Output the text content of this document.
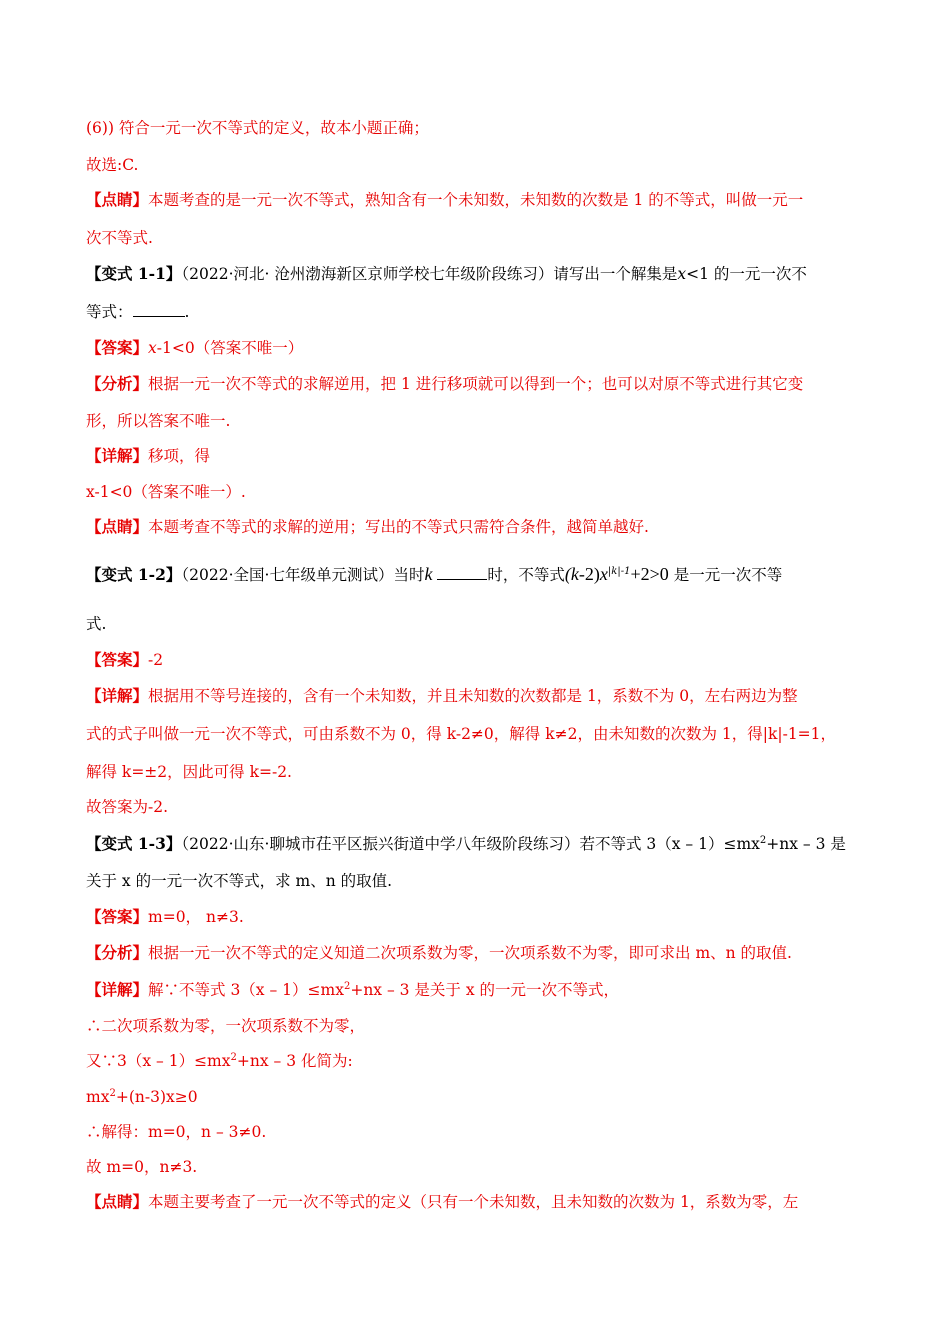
(6)) 符合一元一次不等式的定义，故本小题正确；
故选:C.
【点睛】本题考查的是一元一次不等式，熟知含有一个未知数，未知数的次数是 1 的不等式，叫做一元一
次不等式.
【变式 1-1】（2022·河北· 沧州渤海新区京师学校七年级阶段练习）请写出一个解集是x<1 的一元一次不
等式：	.
【答案】x-1<0（答案不唯一）
【分析】根据一元一次不等式的求解逆用，把 1 进行移项就可以得到一个；也可以对原不等式进行其它变
形，所以答案不唯一.
【详解】移项，得
x-1<0（答案不唯一）.
【点睛】本题考查不等式的求解的逆用；写出的不等式只需符合条件，越简单越好.
【变式 1-2】（2022·全国·七年级单元测试）当时k	时，不等式$(k-2)x^{|k|-1}+2>0$ 是一元一次不等
式.
【答案】-2
【详解】根据用不等号连接的，含有一个未知数，并且未知数的次数都是 1，系数不为 0，左右两边为整
式的式子叫做一元一次不等式，可由系数不为 0，得 k-2≠0，解得 k≠2，由未知数的次数为 1，得|k|-1=1，
解得 k=±2，因此可得 k=-2.
故答案为-2.
【变式 1-3】（2022·山东·聊城市茌平区振兴街道中学八年级阶段练习）若不等式 $3(x - 1)\le mx^2+nx - 3$ 是
关于 x 的一元一次不等式，求 m、n 的取值.
【答案】m=0， n≠3.
【分析】根据一元一次不等式的定义知道二次项系数为零，一次项系数不为零，即可求出 m、n 的取值.
【详解】解∵不等式 $3(x - 1)\le mx^2+nx - 3$ 是关于 x 的一元一次不等式，
∴二次项系数为零，一次项系数不为零，
又∵3（x – $1)\le mx^2+nx - 3$ 化简为:
$mx^2+(n-3)x\ge 0$
∴解得：m=0，n – 3≠0.
故 m=0，n≠3.
【点睛】本题主要考查了一元一次不等式的定义（只有一个未知数，且未知数的次数为 1，系数为零，左
